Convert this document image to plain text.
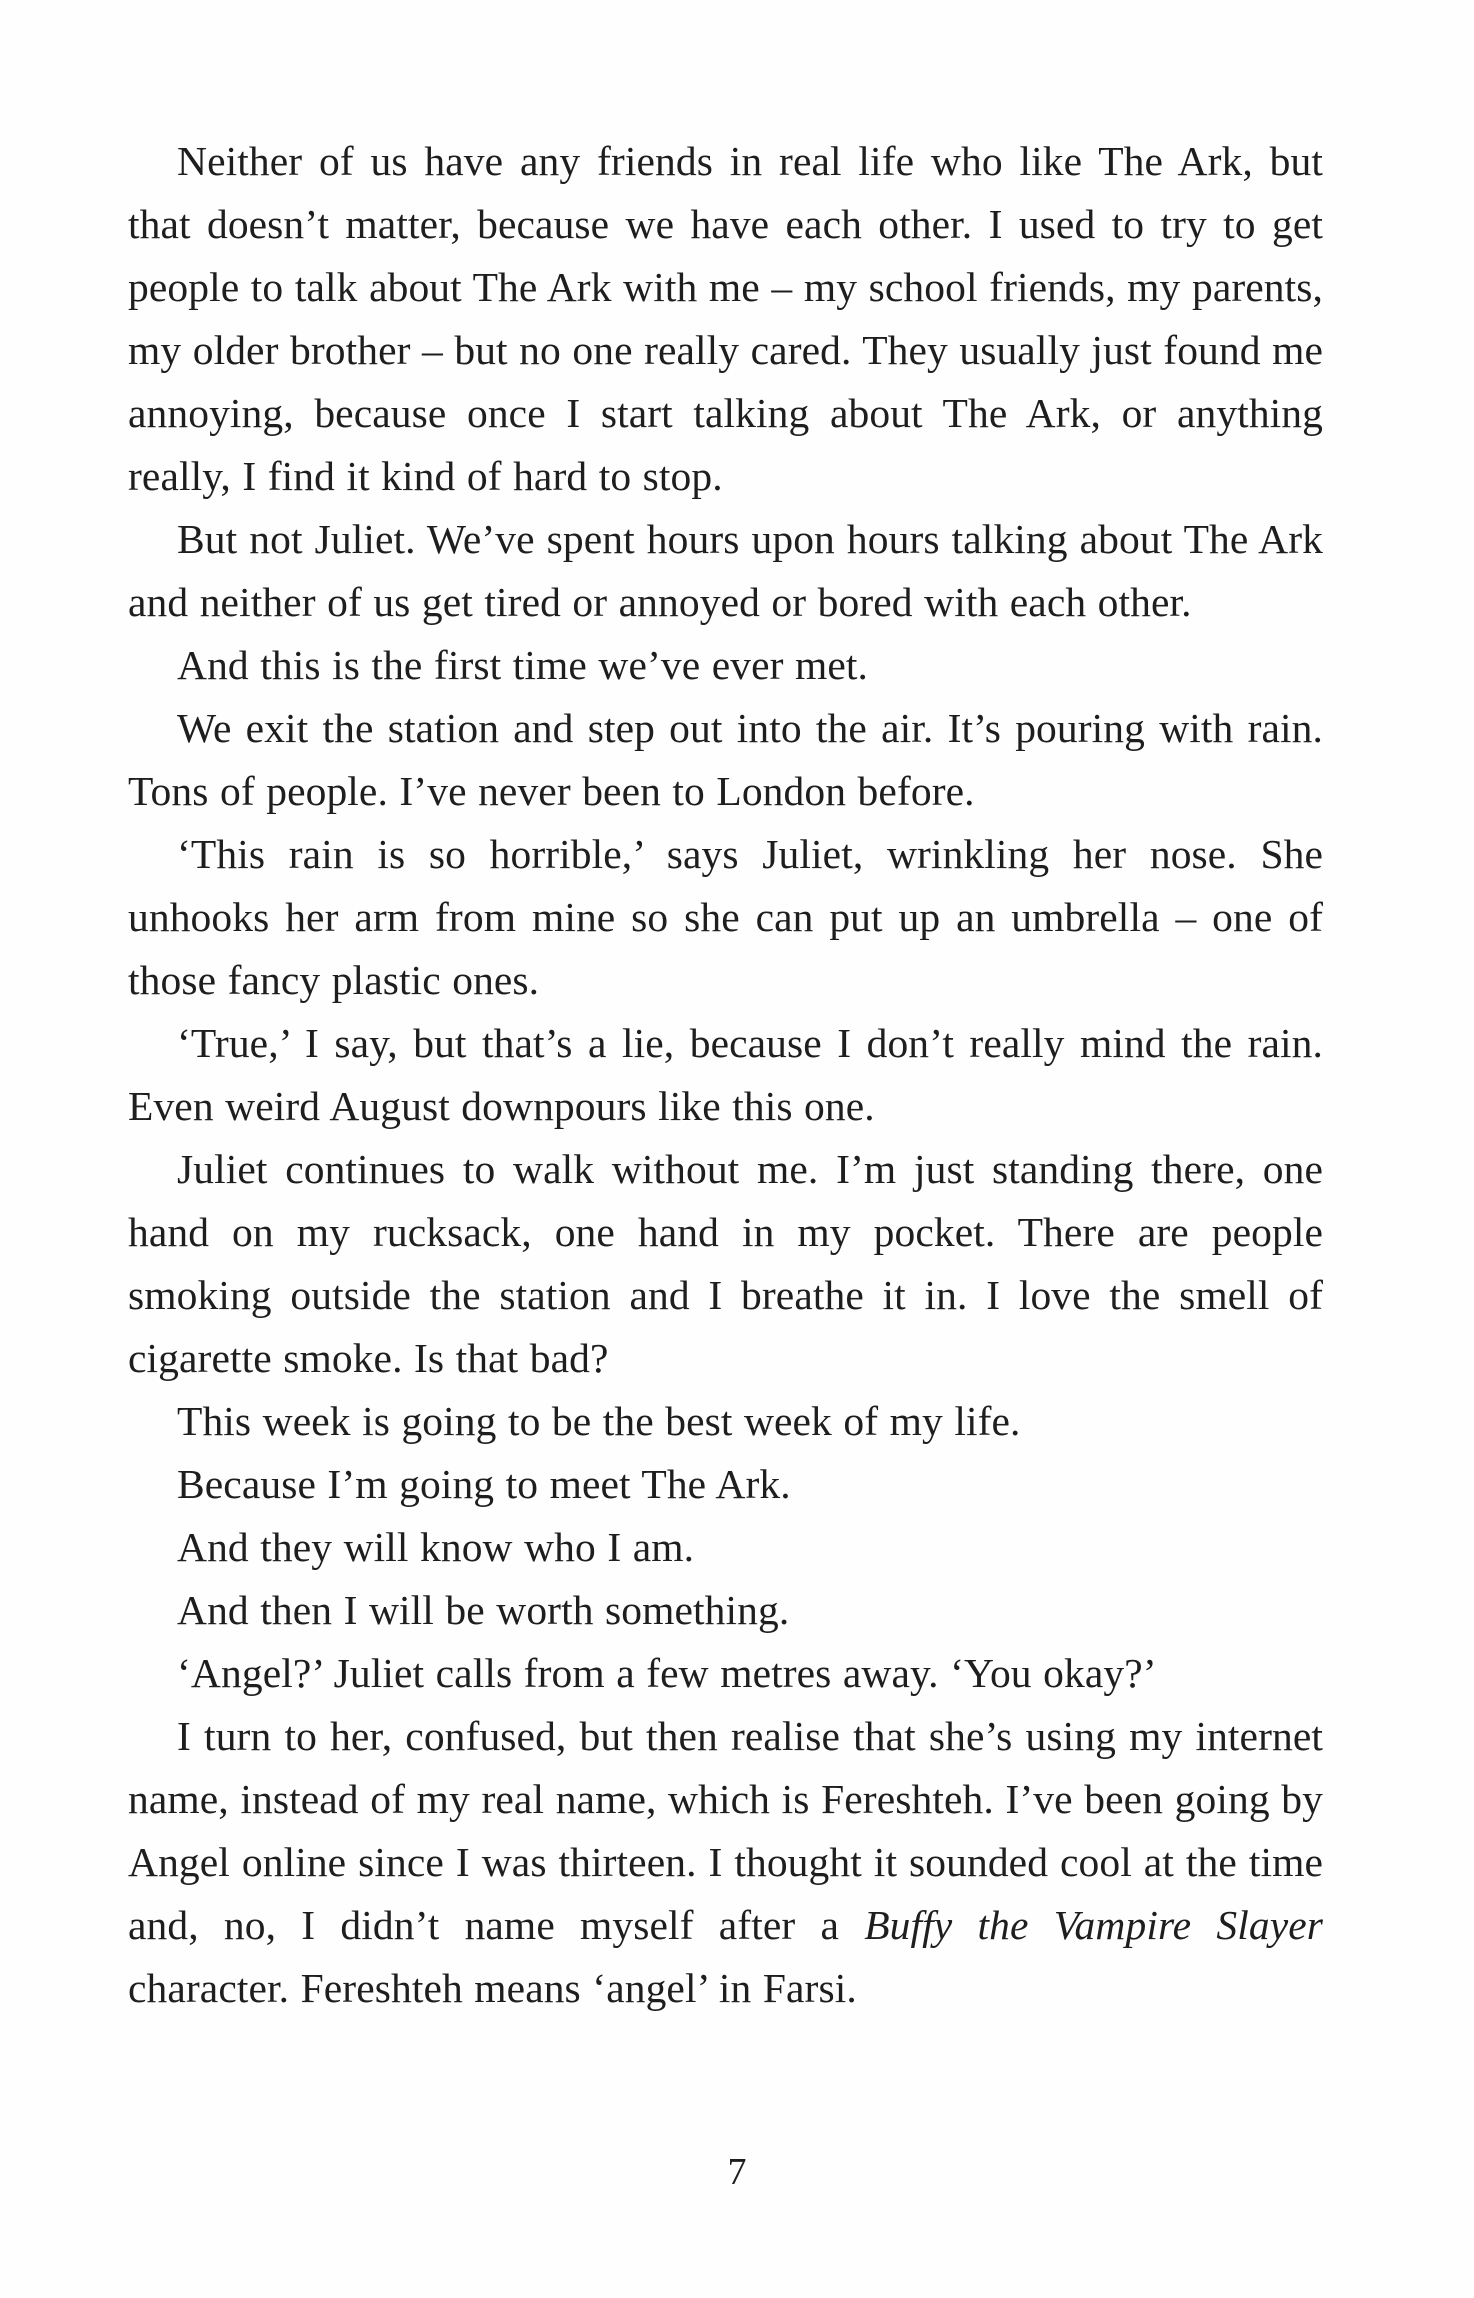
Neither of us have any friends in real life who like The Ark, but that doesn’t matter, because we have each other. I used to try to get people to talk about The Ark with me – my school friends, my parents, my older brother – but no one really cared. They usually just found me annoying, because once I start talking about The Ark, or anything really, I find it kind of hard to stop.

But not Juliet. We’ve spent hours upon hours talking about The Ark and neither of us get tired or annoyed or bored with each other.

And this is the first time we’ve ever met.

We exit the station and step out into the air. It’s pouring with rain. Tons of people. I’ve never been to London before.

‘This rain is so horrible,’ says Juliet, wrinkling her nose. She unhooks her arm from mine so she can put up an umbrella – one of those fancy plastic ones.

‘True,’ I say, but that’s a lie, because I don’t really mind the rain. Even weird August downpours like this one.

Juliet continues to walk without me. I’m just standing there, one hand on my rucksack, one hand in my pocket. There are people smoking outside the station and I breathe it in. I love the smell of cigarette smoke. Is that bad?

This week is going to be the best week of my life.

Because I’m going to meet The Ark.

And they will know who I am.

And then I will be worth something.

‘Angel?’ Juliet calls from a few metres away. ‘You okay?’

I turn to her, confused, but then realise that she’s using my internet name, instead of my real name, which is Fereshteh. I’ve been going by Angel online since I was thirteen. I thought it sounded cool at the time and, no, I didn’t name myself after a Buffy the Vampire Slayer character. Fereshteh means ‘angel’ in Farsi.

7
